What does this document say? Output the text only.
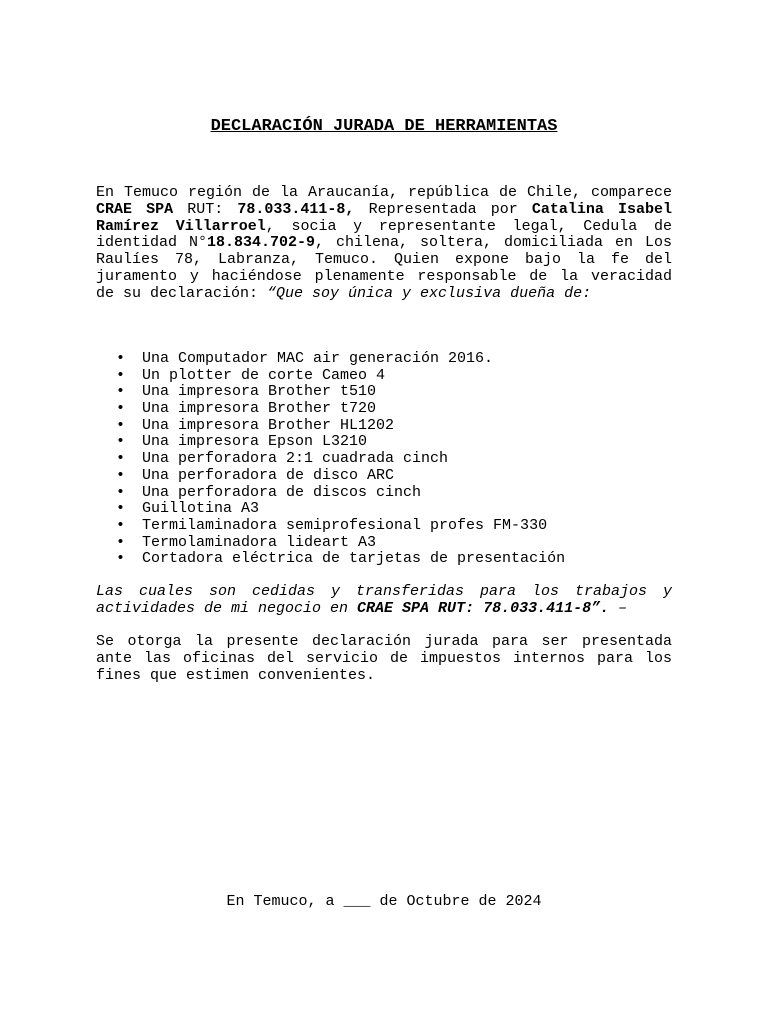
DECLARACIÓN JURADA DE HERRAMIENTAS

En Temuco región de la Araucanía, república de Chile, comparece CRAE SPA RUT: 78.033.411-8, Representada por Catalina Isabel Ramírez Villarroel, socia y representante legal, Cedula de identidad N°18.834.702-9, chilena, soltera, domiciliada en Los Raulíes 78, Labranza, Temuco. Quien expone bajo la fe del juramento y haciéndose plenamente responsable de la veracidad de su declaración: “Que soy única y exclusiva dueña de:

• Una Computador MAC air generación 2016.
• Un plotter de corte Cameo 4
• Una impresora Brother t510
• Una impresora Brother t720
• Una impresora Brother HL1202
• Una impresora Epson L3210
• Una perforadora 2:1 cuadrada cinch
• Una perforadora de disco ARC
• Una perforadora de discos cinch
• Guillotina A3
• Termilaminadora semiprofesional profes FM-330
• Termolaminadora lideart A3
• Cortadora eléctrica de tarjetas de presentación

Las cuales son cedidas y transferidas para los trabajos y actividades de mi negocio en CRAE SPA RUT: 78.033.411-8”. –

Se otorga la presente declaración jurada para ser presentada ante las oficinas del servicio de impuestos internos para los fines que estimen convenientes.

En Temuco, a ___ de Octubre de 2024
